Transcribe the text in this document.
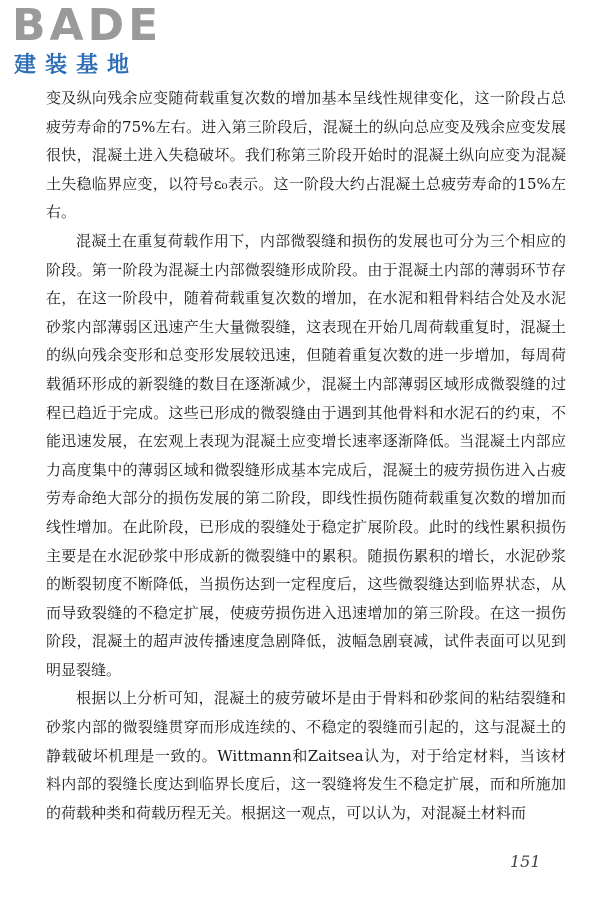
BADE
建装基地

变及纵向残余应变随荷载重复次数的增加基本呈线性规律变化，这一阶段占总疲劳寿命的75%左右。进入第三阶段后，混凝土的纵向总应变及残余应变发展很快，混凝土进入失稳破坏。我们称第三阶段开始时的混凝土纵向应变为混凝土失稳临界应变，以符号ε₀表示。这一阶段大约占混凝土总疲劳寿命的15%左右。

混凝土在重复荷载作用下，内部微裂缝和损伤的发展也可分为三个相应的阶段。第一阶段为混凝土内部微裂缝形成阶段。由于混凝土内部的薄弱环节存在，在这一阶段中，随着荷载重复次数的增加，在水泥和粗骨料结合处及水泥砂浆内部薄弱区迅速产生大量微裂缝，这表现在开始几周荷载重复时，混凝土的纵向残余变形和总变形发展较迅速，但随着重复次数的进一步增加，每周荷载循环形成的新裂缝的数目在逐渐减少，混凝土内部薄弱区域形成微裂缝的过程已趋近于完成。这些已形成的微裂缝由于遇到其他骨料和水泥石的约束，不能迅速发展，在宏观上表现为混凝土应变增长速率逐渐降低。当混凝土内部应力高度集中的薄弱区域和微裂缝形成基本完成后，混凝土的疲劳损伤进入占疲劳寿命绝大部分的损伤发展的第二阶段，即线性损伤随荷载重复次数的增加而线性增加。在此阶段，已形成的裂缝处于稳定扩展阶段。此时的线性累积损伤主要是在水泥砂浆中形成新的微裂缝中的累积。随损伤累积的增长，水泥砂浆的断裂韧度不断降低，当损伤达到一定程度后，这些微裂缝达到临界状态，从而导致裂缝的不稳定扩展，使疲劳损伤进入迅速增加的第三阶段。在这一损伤阶段，混凝土的超声波传播速度急剧降低，波幅急剧衰减，试件表面可以见到明显裂缝。

根据以上分析可知，混凝土的疲劳破坏是由于骨料和砂浆间的粘结裂缝和砂浆内部的微裂缝贯穿而形成连续的、不稳定的裂缝而引起的，这与混凝土的静载破坏机理是一致的。Wittmann和Zaitsea认为，对于给定材料，当该材料内部的裂缝长度达到临界长度后，这一裂缝将发生不稳定扩展，而和所施加的荷载种类和荷载历程无关。根据这一观点，可以认为，对混凝土材料而

151
